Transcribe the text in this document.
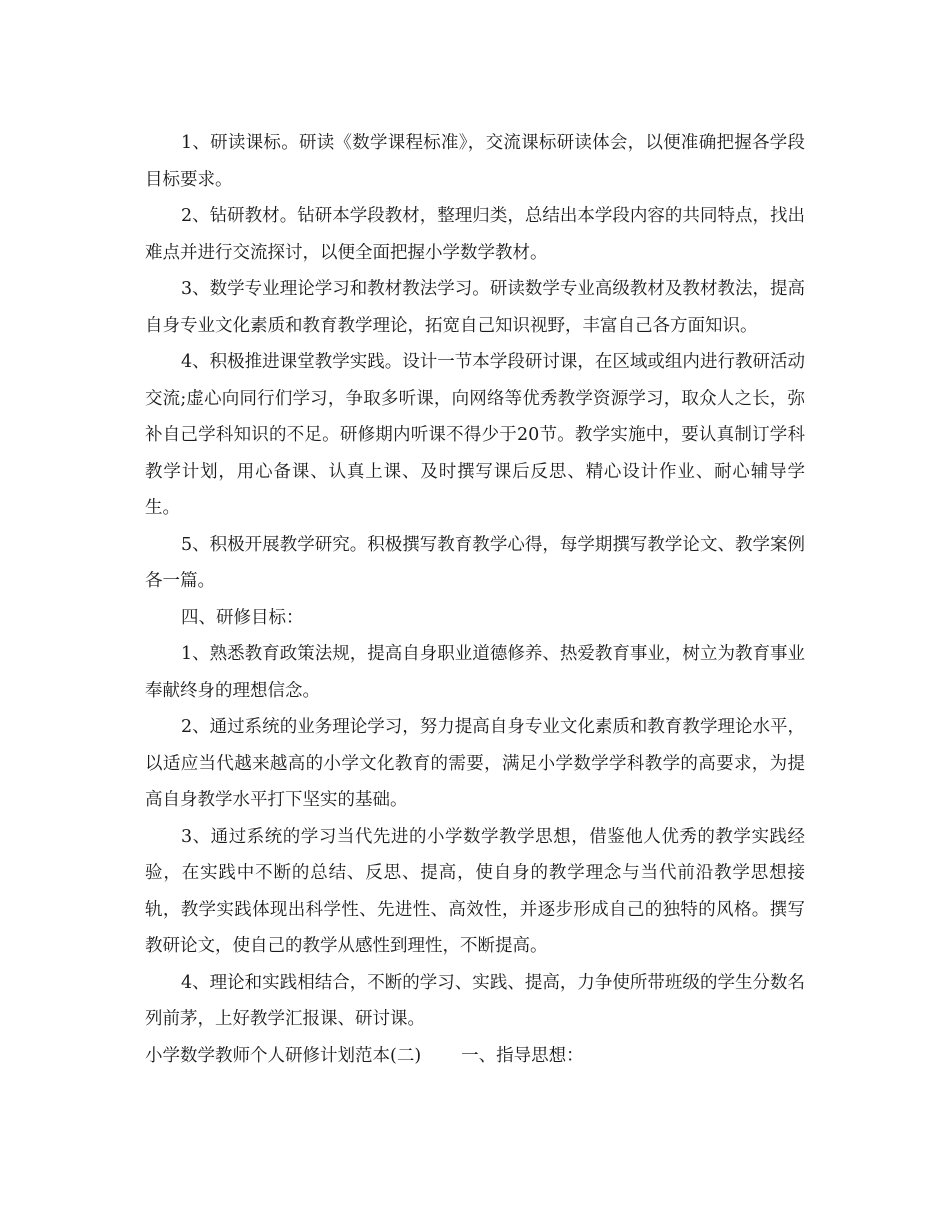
1、研读课标。研读《数学课程标准》，交流课标研读体会，以便准确把握各学段目标要求。

2、钻研教材。钻研本学段教材，整理归类，总结出本学段内容的共同特点，找出难点并进行交流探讨，以便全面把握小学数学教材。

3、数学专业理论学习和教材教法学习。研读数学专业高级教材及教材教法，提高自身专业文化素质和教育教学理论，拓宽自己知识视野，丰富自己各方面知识。

4、积极推进课堂教学实践。设计一节本学段研讨课，在区域或组内进行教研活动交流;虚心向同行们学习，争取多听课，向网络等优秀教学资源学习，取众人之长，弥补自己学科知识的不足。研修期内听课不得少于20节。教学实施中，要认真制订学科教学计划，用心备课、认真上课、及时撰写课后反思、精心设计作业、耐心辅导学生。

5、积极开展教学研究。积极撰写教育教学心得，每学期撰写教学论文、教学案例各一篇。

四、研修目标：

1、熟悉教育政策法规，提高自身职业道德修养、热爱教育事业，树立为教育事业奉献终身的理想信念。

2、通过系统的业务理论学习，努力提高自身专业文化素质和教育教学理论水平，以适应当代越来越高的小学文化教育的需要，满足小学数学学科教学的高要求，为提高自身教学水平打下坚实的基础。

3、通过系统的学习当代先进的小学数学教学思想，借鉴他人优秀的教学实践经验，在实践中不断的总结、反思、提高，使自身的教学理念与当代前沿教学思想接轨，教学实践体现出科学性、先进性、高效性，并逐步形成自己的独特的风格。撰写教研论文，使自己的教学从感性到理性，不断提高。

4、理论和实践相结合，不断的学习、实践、提高，力争使所带班级的学生分数名列前茅，上好教学汇报课、研讨课。

小学数学教师个人研修计划范本(二) 一、指导思想：
